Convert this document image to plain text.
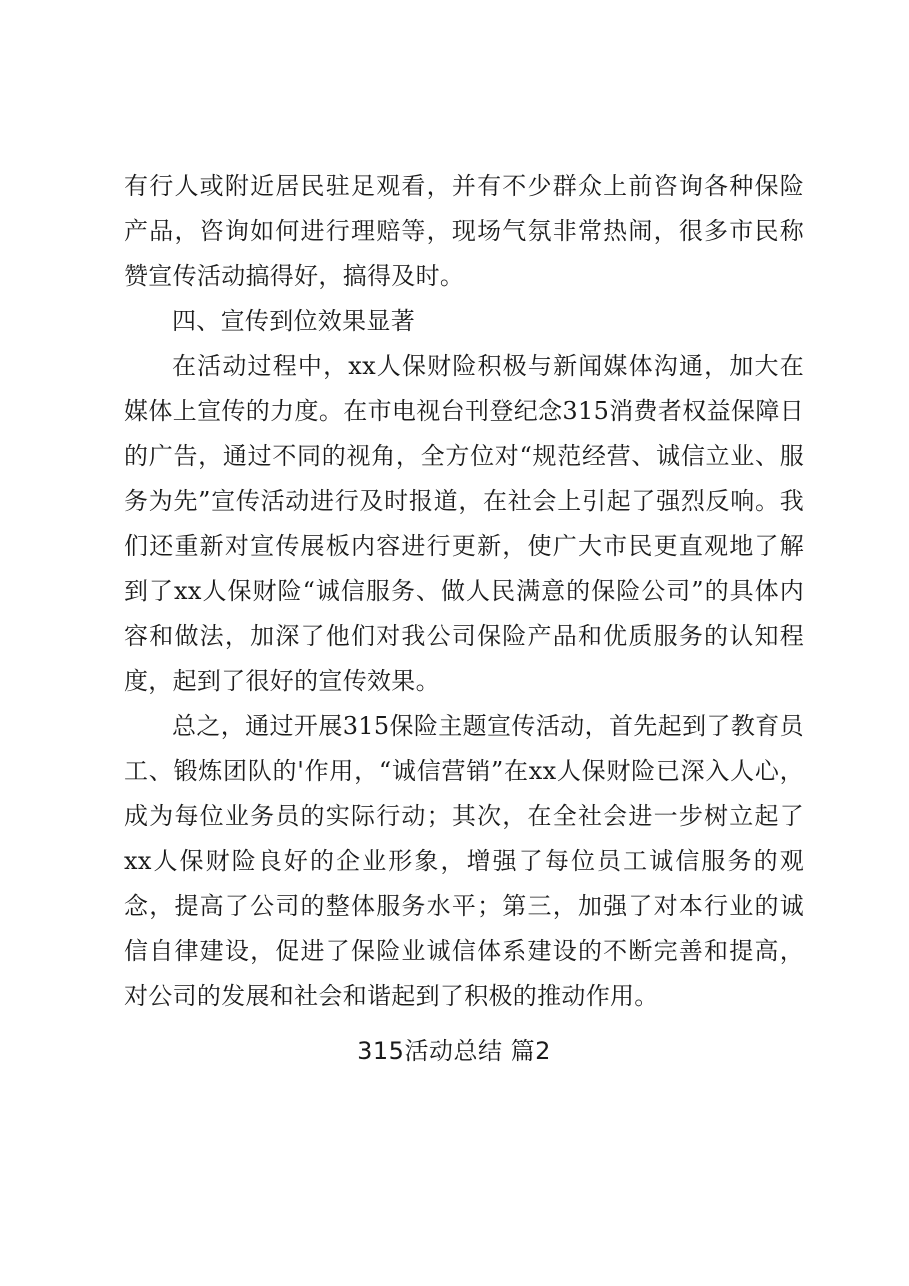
有行人或附近居民驻足观看，并有不少群众上前咨询各种保险产品，咨询如何进行理赔等，现场气氛非常热闹，很多市民称赞宣传活动搞得好，搞得及时。

四、宣传到位效果显著

在活动过程中，xx人保财险积极与新闻媒体沟通，加大在媒体上宣传的力度。在市电视台刊登纪念315消费者权益保障日的广告，通过不同的视角，全方位对“规范经营、诚信立业、服务为先”宣传活动进行及时报道，在社会上引起了强烈反响。我们还重新对宣传展板内容进行更新，使广大市民更直观地了解到了xx人保财险“诚信服务、做人民满意的保险公司”的具体内容和做法，加深了他们对我公司保险产品和优质服务的认知程度，起到了很好的宣传效果。

总之，通过开展315保险主题宣传活动，首先起到了教育员工、锻炼团队的'作用，“诚信营销”在xx人保财险已深入人心，成为每位业务员的实际行动；其次，在全社会进一步树立起了xx人保财险良好的企业形象，增强了每位员工诚信服务的观念，提高了公司的整体服务水平；第三，加强了对本行业的诚信自律建设，促进了保险业诚信体系建设的不断完善和提高，对公司的发展和社会和谐起到了积极的推动作用。

315活动总结 篇2
